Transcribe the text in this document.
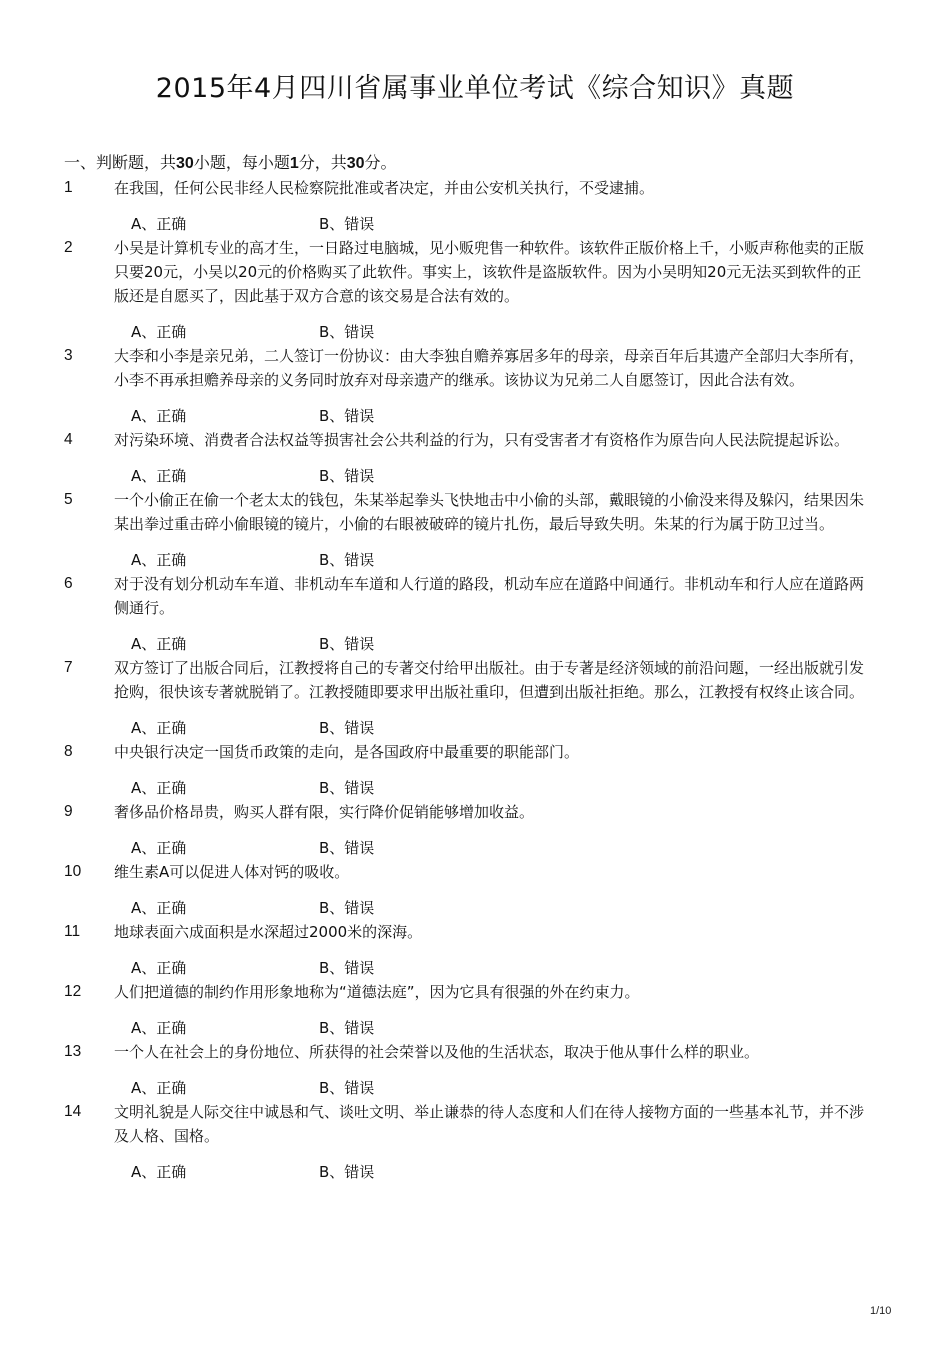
2015年4月四川省属事业单位考试《综合知识》真题
一、判断题，共30小题，每小题1分，共30分。
1	在我国，任何公民非经人民检察院批准或者决定，并由公安机关执行，不受逮捕。
A、正确	B、错误
2	小吴是计算机专业的高才生，一日路过电脑城，见小贩兜售一种软件。该软件正版价格上千，小贩声称他卖的正版只要20元，小吴以20元的价格购买了此软件。事实上，该软件是盗版软件。因为小吴明知20元无法买到软件的正版还是自愿买了，因此基于双方合意的该交易是合法有效的。
A、正确	B、错误
3	大李和小李是亲兄弟，二人签订一份协议：由大李独自赡养寡居多年的母亲，母亲百年后其遗产全部归大李所有，小李不再承担赡养母亲的义务同时放弃对母亲遗产的继承。该协议为兄弟二人自愿签订，因此合法有效。
A、正确	B、错误
4	对污染环境、消费者合法权益等损害社会公共利益的行为，只有受害者才有资格作为原告向人民法院提起诉讼。
A、正确	B、错误
5	一个小偷正在偷一个老太太的钱包，朱某举起拳头飞快地击中小偷的头部，戴眼镜的小偷没来得及躲闪，结果因朱某出拳过重击碎小偷眼镜的镜片，小偷的右眼被破碎的镜片扎伤，最后导致失明。朱某的行为属于防卫过当。
A、正确	B、错误
6	对于没有划分机动车车道、非机动车车道和人行道的路段，机动车应在道路中间通行。非机动车和行人应在道路两侧通行。
A、正确	B、错误
7	双方签订了出版合同后，江教授将自己的专著交付给甲出版社。由于专著是经济领域的前沿问题，一经出版就引发抢购，很快该专著就脱销了。江教授随即要求甲出版社重印，但遭到出版社拒绝。那么，江教授有权终止该合同。
A、正确	B、错误
8	中央银行决定一国货币政策的走向，是各国政府中最重要的职能部门。
A、正确	B、错误
9	奢侈品价格昂贵，购买人群有限，实行降价促销能够增加收益。
A、正确	B、错误
10	维生素A可以促进人体对钙的吸收。
A、正确	B、错误
11	地球表面六成面积是水深超过2000米的深海。
A、正确	B、错误
12	人们把道德的制约作用形象地称为“道德法庭”，因为它具有很强的外在约束力。
A、正确	B、错误
13	一个人在社会上的身份地位、所获得的社会荣誉以及他的生活状态，取决于他从事什么样的职业。
A、正确	B、错误
14	文明礼貌是人际交往中诚恳和气、谈吐文明、举止谦恭的待人态度和人们在待人接物方面的一些基本礼节，并不涉及人格、国格。
A、正确	B、错误
1/10
